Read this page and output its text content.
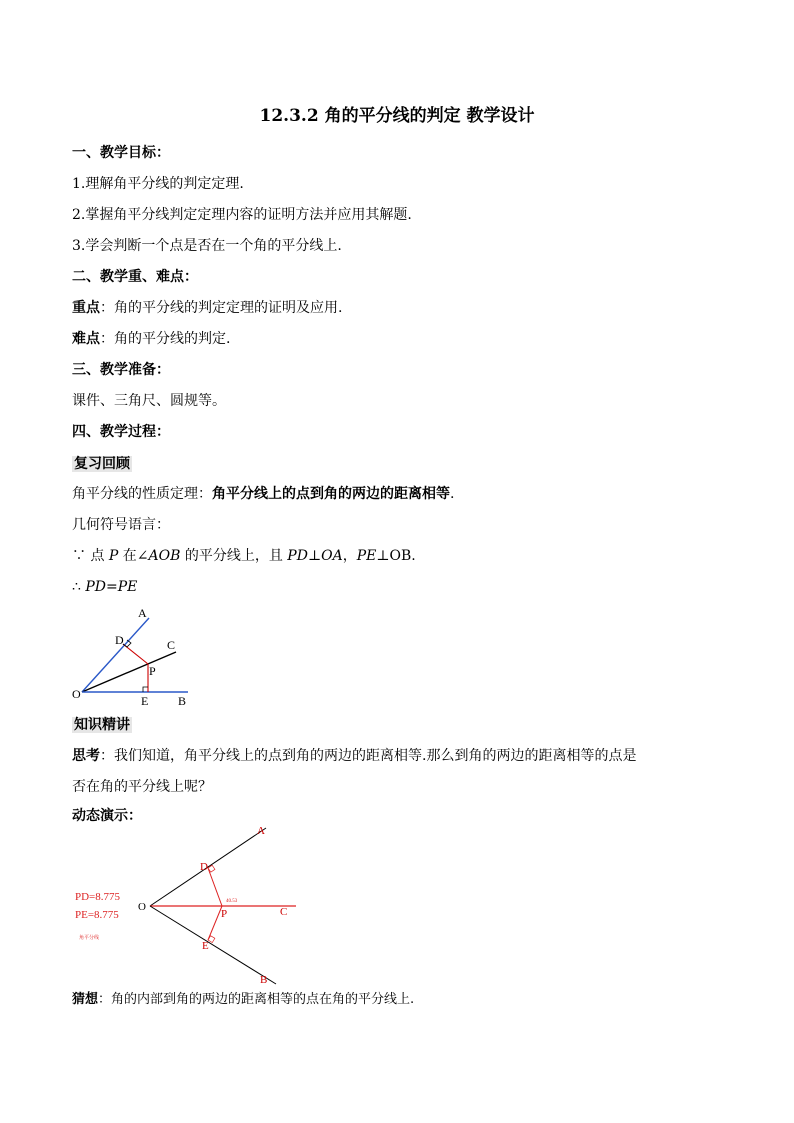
12.3.2 角的平分线的判定 教学设计
一、教学目标：
1.理解角平分线的判定定理.
2.掌握角平分线判定定理内容的证明方法并应用其解题.
3.学会判断一个点是否在一个角的平分线上.
二、教学重、难点：
重点：角的平分线的判定定理的证明及应用.
难点：角的平分线的判定.
三、教学准备：
课件、三角尺、圆规等。
四、教学过程：
复习回顾
角平分线的性质定理：角平分线上的点到角的两边的距离相等.
几何符号语言：
∵ 点 P 在∠AOB 的平分线上，且 PD⊥OA，PE⊥OB.
∴ PD=PE
A
C
D
P
O	E B
知识精讲
思考：我们知道，角平分线上的点到角的两边的距离相等.那么到角的两边的距离相等的点是
否在角的平分线上呢？
动态演示：
40.53
A
D
O
P	C
E
B
PD=8.775
PE=8.775
角平分线
猜想：角的内部到角的两边的距离相等的点在角的平分线上.
